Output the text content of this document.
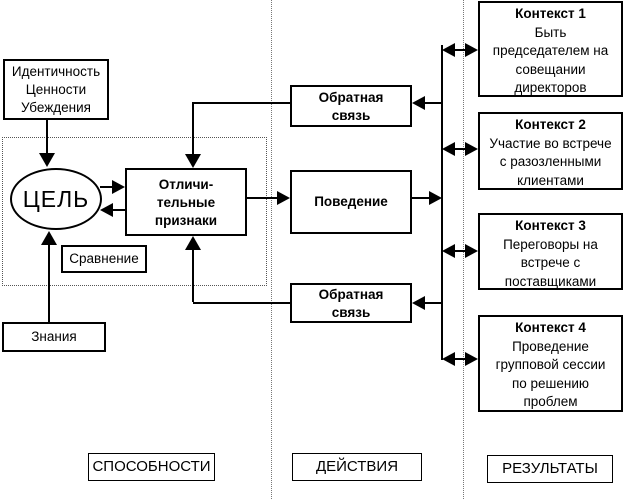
Идентичность
Ценности
Убеждения
ЦЕЛЬ
Отличи-
тельные
признаки
Сравнение
Знания
Обратная
связь
Поведение
Обратная
связь
Контекст 1
Быть
председателем на
совещании
директоров
Контекст 2
Участие во встрече
с разозленными
клиентами
Контекст 3
Переговоры на
встрече с
поставщиками
Контекст 4
Проведение
групповой сессии
по решению
проблем
СПОСОБНОСТИ	ДЕЙСТВИЯ	РЕЗУЛЬТАТЫ
